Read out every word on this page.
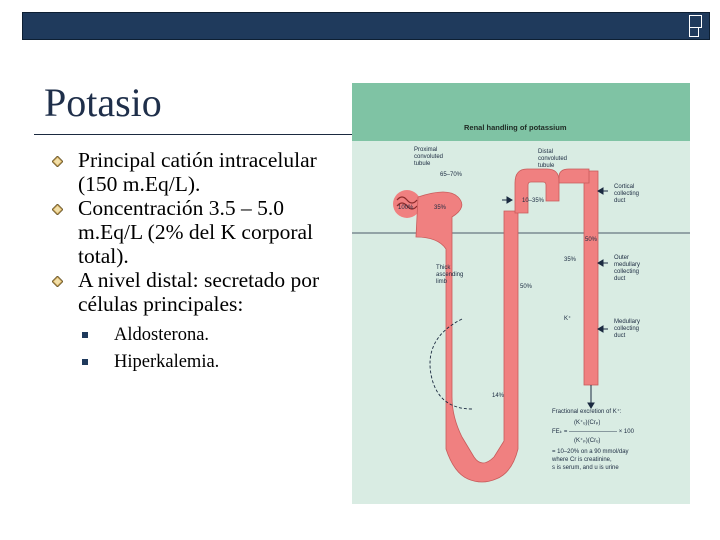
Potasio
Principal catión intracelular (150 m.Eq/L).
Concentración 3.5 – 5.0 m.Eq/L (2% del K corporal total).
A nivel distal: secretado por células principales:
Aldosterona.
Hiperkalemia.
Renal handling of potassium
Proximal convoluted tubule
Distal convoluted tubule
Cortical collecting duct
Outer medullary collecting duct
Medullary collecting duct
Thick ascending limb
65–70%
100%	35%
10–35%
50%
35%
50%
K⁺
14%
Fractional excretion of K⁺: (K⁺ᵤ)(Crₚ) FEₖ = ———————— × 100 (K⁺ₚ)(Crᵤ) = 10–20% on a 90 mmol/day where Cr is creatinine, s is serum, and u is urine
